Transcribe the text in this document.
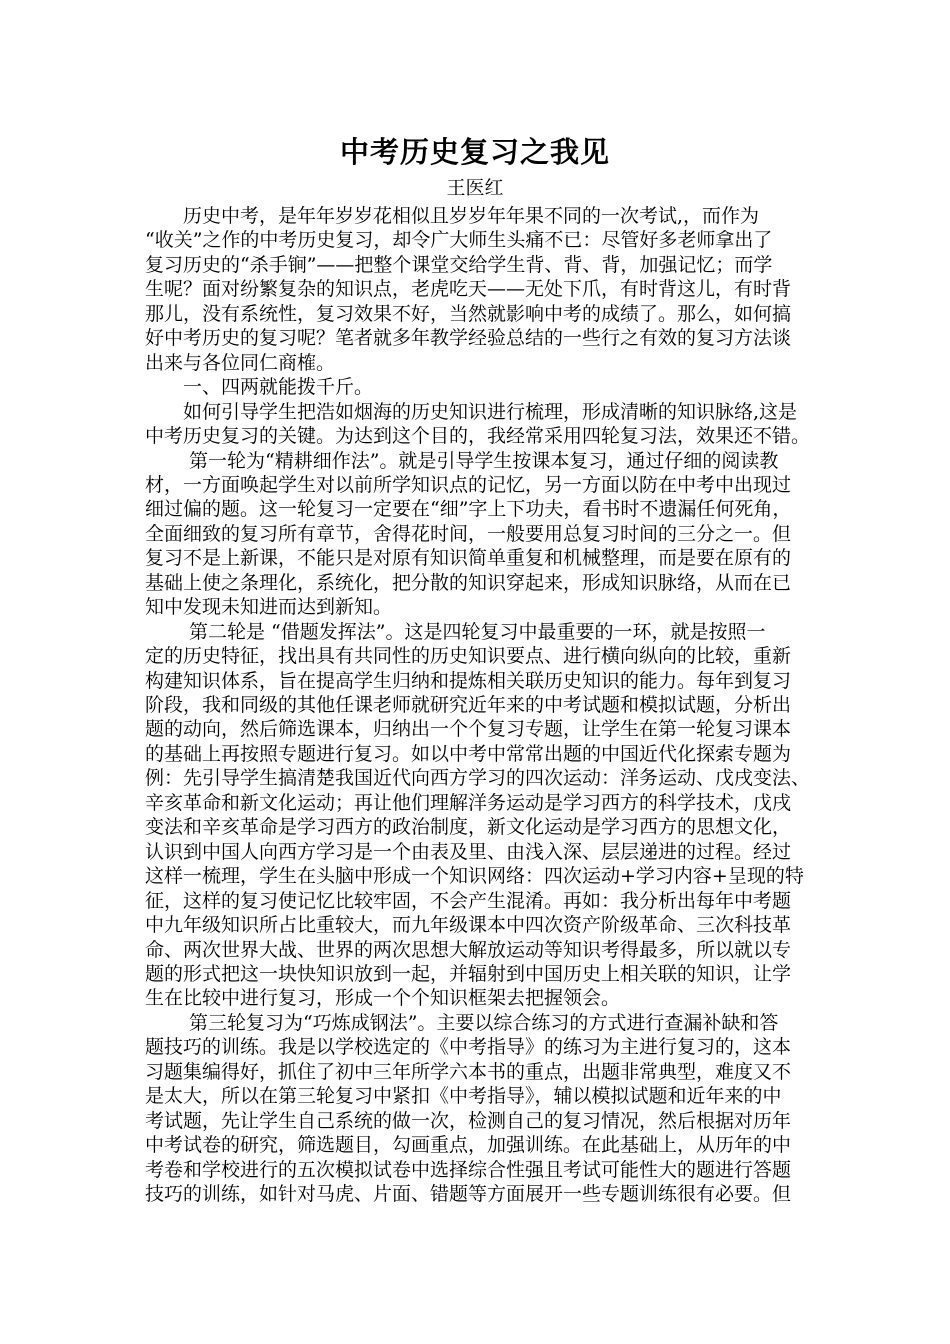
中考历史复习之我见
王医红
历史中考，是年年岁岁花相似且岁岁年年果不同的一次考试,，而作为
“收关”之作的中考历史复习，却令广大师生头痛不已：尽管好多老师拿出了
复习历史的“杀手锏”——把整个课堂交给学生背、背、背，加强记忆；而学
生呢？面对纷繁复杂的知识点，老虎吃天——无处下爪，有时背这儿，有时背
那儿，没有系统性，复习效果不好，当然就影响中考的成绩了。那么，如何搞
好中考历史的复习呢？笔者就多年教学经验总结的一些行之有效的复习方法谈
出来与各位同仁商榷。
一、四两就能拨千斤。
如何引导学生把浩如烟海的历史知识进行梳理，形成清晰的知识脉络,这是
中考历史复习的关键。为达到这个目的，我经常采用四轮复习法，效果还不错。
第一轮为“精耕细作法”。就是引导学生按课本复习，通过仔细的阅读教
材，一方面唤起学生对以前所学知识点的记忆，另一方面以防在中考中出现过
细过偏的题。这一轮复习一定要在“细”字上下功夫，看书时不遗漏任何死角，
全面细致的复习所有章节，舍得花时间，一般要用总复习时间的三分之一。但
复习不是上新课，不能只是对原有知识简单重复和机械整理，而是要在原有的
基础上使之条理化，系统化，把分散的知识穿起来，形成知识脉络，从而在已
知中发现未知进而达到新知。
第二轮是 “借题发挥法”。这是四轮复习中最重要的一环，就是按照一
定的历史特征，找出具有共同性的历史知识要点、进行横向纵向的比较，重新
构建知识体系，旨在提高学生归纳和提炼相关联历史知识的能力。每年到复习
阶段，我和同级的其他任课老师就研究近年来的中考试题和模拟试题，分析出
题的动向，然后筛选课本，归纳出一个个复习专题，让学生在第一轮复习课本
的基础上再按照专题进行复习。如以中考中常常出题的中国近代化探索专题为
例：先引导学生搞清楚我国近代向西方学习的四次运动：洋务运动、戊戌变法、
辛亥革命和新文化运动；再让他们理解洋务运动是学习西方的科学技术，戊戌
变法和辛亥革命是学习西方的政治制度，新文化运动是学习西方的思想文化，
认识到中国人向西方学习是一个由表及里、由浅入深、层层递进的过程。经过
这样一梳理，学生在头脑中形成一个知识网络：四次运动+学习内容+呈现的特
征，这样的复习使记忆比较牢固，不会产生混淆。再如：我分析出每年中考题
中九年级知识所占比重较大，而九年级课本中四次资产阶级革命、三次科技革
命、两次世界大战、世界的两次思想大解放运动等知识考得最多，所以就以专
题的形式把这一块快知识放到一起，并辐射到中国历史上相关联的知识，让学
生在比较中进行复习，形成一个个知识框架去把握领会。
第三轮复习为“巧炼成钢法”。主要以综合练习的方式进行查漏补缺和答
题技巧的训练。我是以学校选定的《中考指导》的练习为主进行复习的，这本
习题集编得好，抓住了初中三年所学六本书的重点，出题非常典型，难度又不
是太大，所以在第三轮复习中紧扣《中考指导》，辅以模拟试题和近年来的中
考试题，先让学生自己系统的做一次，检测自己的复习情况，然后根据对历年
中考试卷的研究，筛选题目，勾画重点，加强训练。在此基础上，从历年的中
考卷和学校进行的五次模拟试卷中选择综合性强且考试可能性大的题进行答题
技巧的训练，如针对马虎、片面、错题等方面展开一些专题训练很有必要。但
